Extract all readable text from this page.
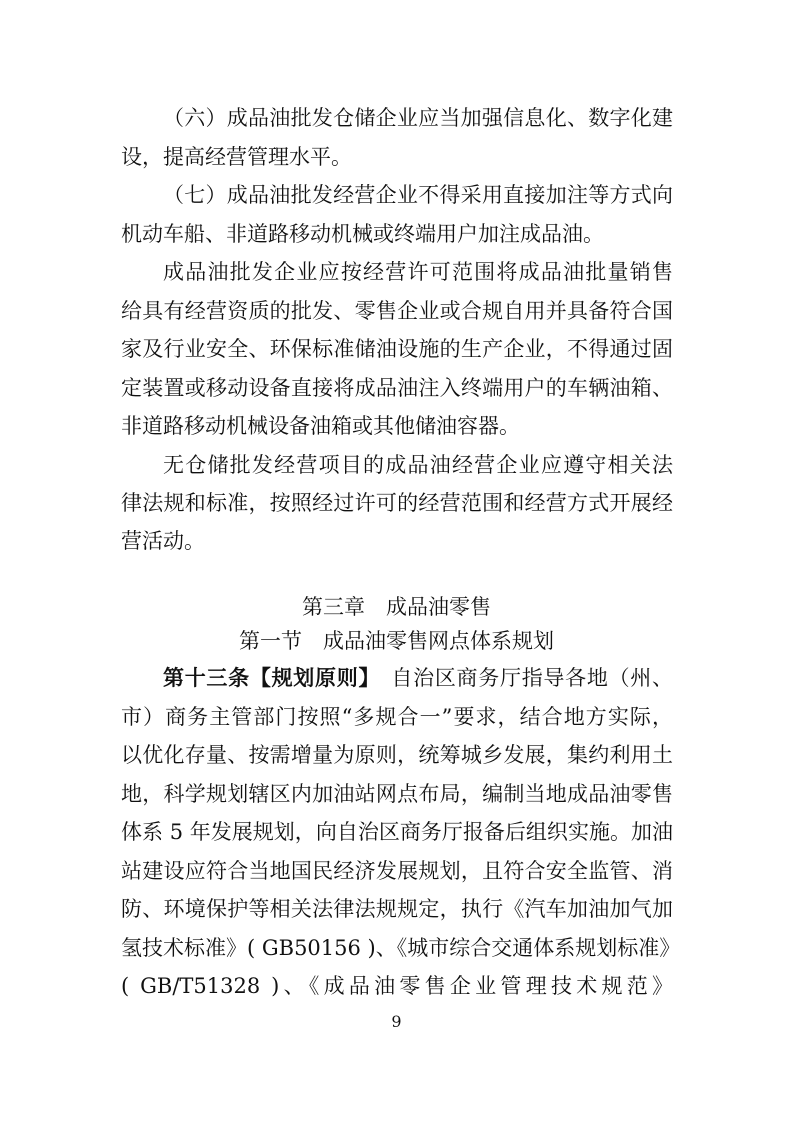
（六）成品油批发仓储企业应当加强信息化、数字化建
设，提高经营管理水平。
（七）成品油批发经营企业不得采用直接加注等方式向
机动车船、非道路移动机械或终端用户加注成品油。
成品油批发企业应按经营许可范围将成品油批量销售
给具有经营资质的批发、零售企业或合规自用并具备符合国
家及行业安全、环保标准储油设施的生产企业，不得通过固
定装置或移动设备直接将成品油注入终端用户的车辆油箱、
非道路移动机械设备油箱或其他储油容器。
无仓储批发经营项目的成品油经营企业应遵守相关法
律法规和标准，按照经过许可的经营范围和经营方式开展经
营活动。
第三章　成品油零售
第一节　成品油零售网点体系规划
第十三条【规划原则】　自治区商务厅指导各地（州、
市）商务主管部门按照“多规合一”要求，结合地方实际，
以优化存量、按需增量为原则，统筹城乡发展，集约利用土
地，科学规划辖区内加油站网点布局，编制当地成品油零售
体系 5 年发展规划，向自治区商务厅报备后组织实施。加油
站建设应符合当地国民经济发展规划，且符合安全监管、消
防、环境保护等相关法律法规规定，执行《汽车加油加气加
氢技术标准》( GB50156 )、《城市综合交通体系规划标准》
( GB/T51328 )、《成品油零售企业管理技术规范》
9
